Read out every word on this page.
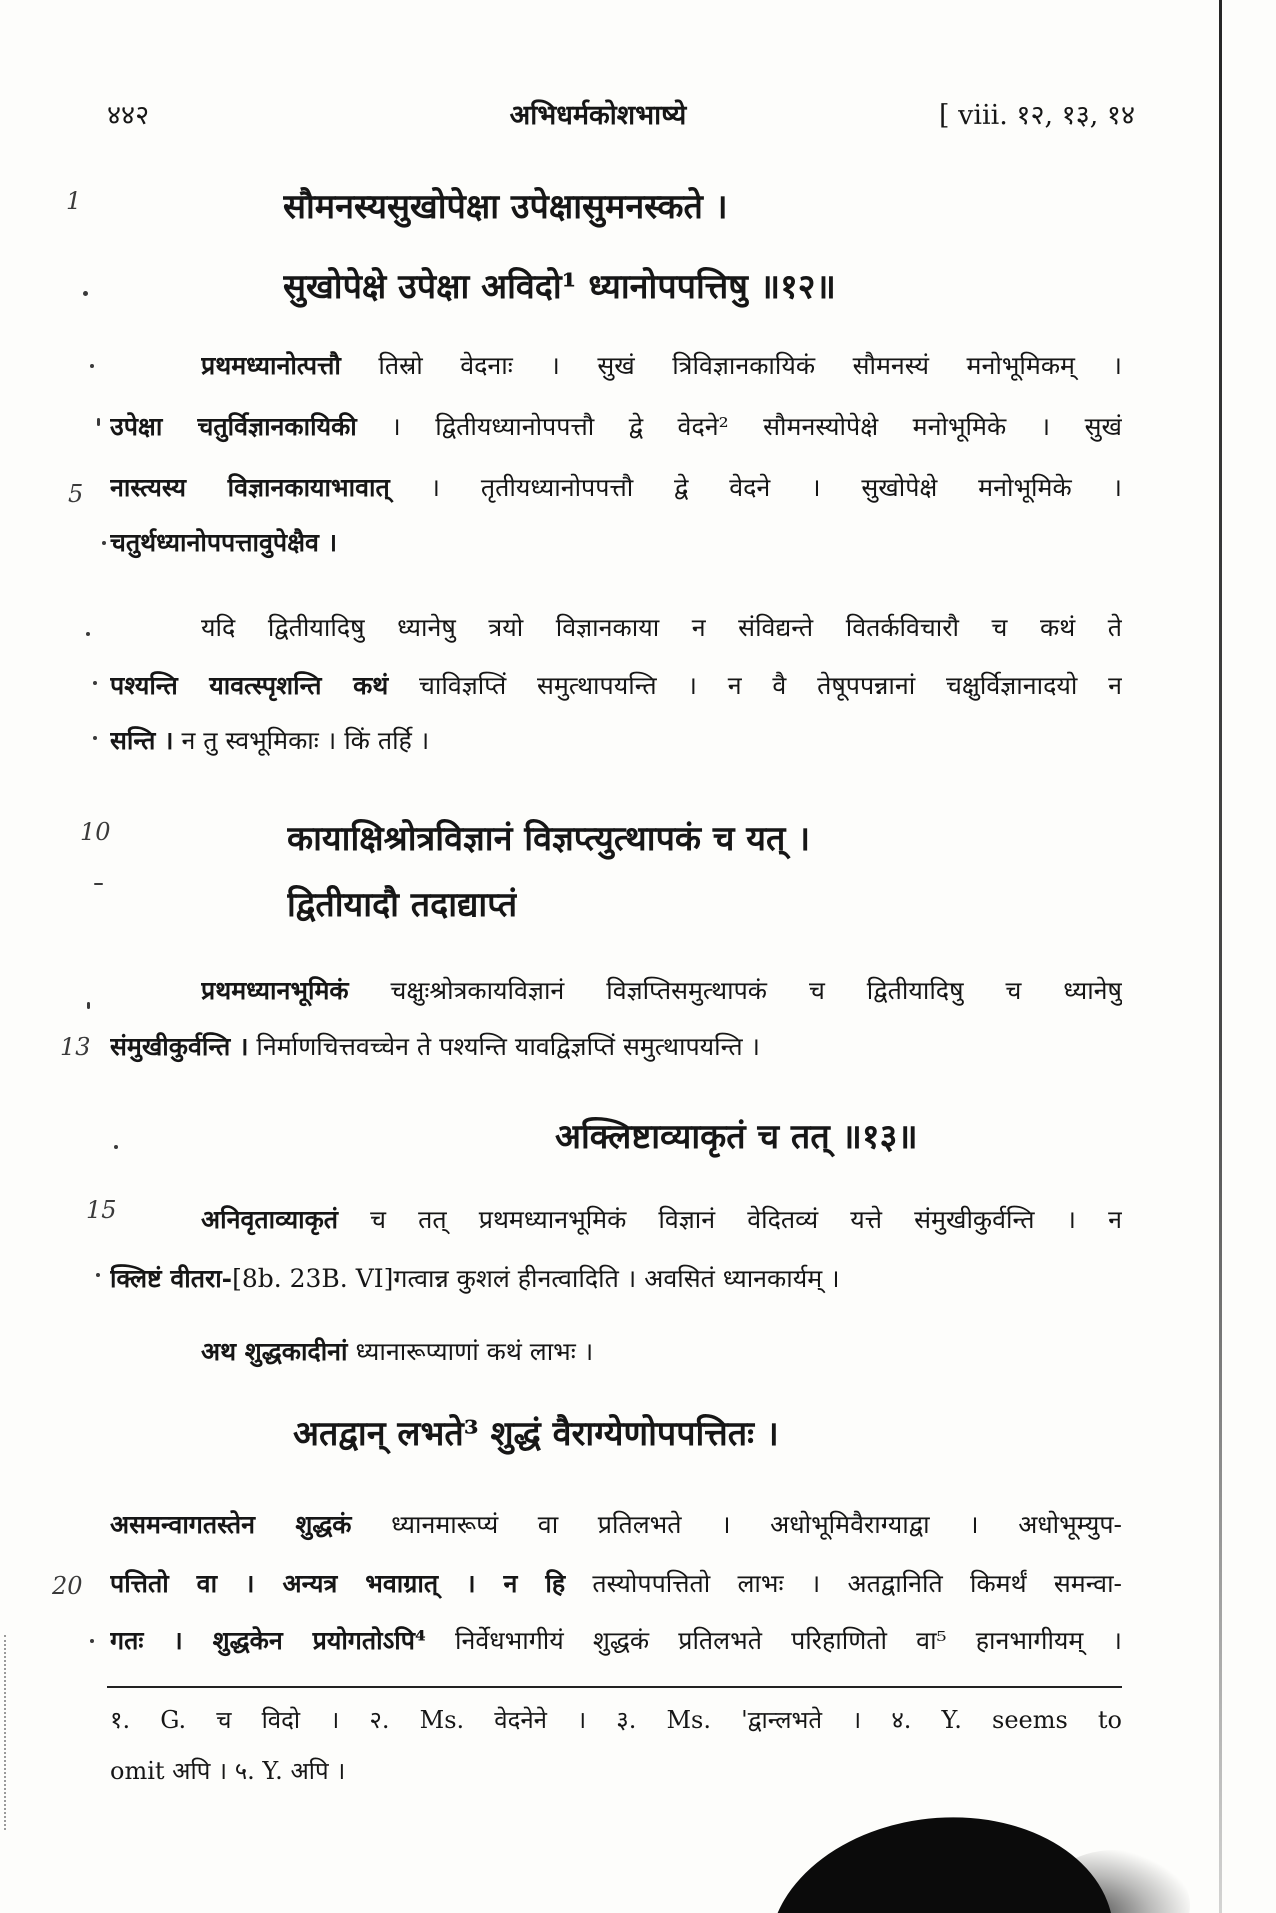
४४२	अभिधर्मकोशभाष्ये	[ viii. १२, १३, १४
1
5
10
13
15
20
सौमनस्यसुखोपेक्षा उपेक्षासुमनस्कते ।
सुखोपेक्षे उपेक्षा अविदो¹ ध्यानोपपत्तिषु ॥१२॥
प्रथमध्यानोत्पत्तौ तिस्रो वेदनाः । सुखं त्रिविज्ञानकायिकं सौमनस्यं मनोभूमिकम् ।
उपेक्षा चतुर्विज्ञानकायिकी । द्वितीयध्यानोपपत्तौ द्वे वेदने² सौमनस्योपेक्षे मनोभूमिके । सुखं
नास्त्यस्य विज्ञानकायाभावात् । तृतीयध्यानोपपत्तौ द्वे वेदने । सुखोपेक्षे मनोभूमिके ।
चतुर्थध्यानोपपत्तावुपेक्षैव ।
यदि द्वितीयादिषु ध्यानेषु त्रयो विज्ञानकाया न संविद्यन्ते वितर्कविचारौ च कथं ते
पश्यन्ति यावत्स्पृशन्ति कथं चाविज्ञप्तिं समुत्थापयन्ति । न वै तेषूपपन्नानां चक्षुर्विज्ञानादयो न
सन्ति । न तु स्वभूमिकाः । किं तर्हि ।
कायाक्षिश्रोत्रविज्ञानं विज्ञप्त्युत्थापकं च यत् ।
द्वितीयादौ तदाद्याप्तं
प्रथमध्यानभूमिकं चक्षुःश्रोत्रकायविज्ञानं विज्ञप्तिसमुत्थापकं च द्वितीयादिषु च ध्यानेषु
संमुखीकुर्वन्ति । निर्माणचित्तवच्चेन ते पश्यन्ति यावद्विज्ञप्तिं समुत्थापयन्ति ।
अक्लिष्टाव्याकृतं च तत् ॥१३॥
अनिवृताव्याकृतं च तत् प्रथमध्यानभूमिकं विज्ञानं वेदितव्यं यत्ते संमुखीकुर्वन्ति । न
क्लिष्टं वीतरा-[8b. 23B. VI]गत्वान्न कुशलं हीनत्वादिति । अवसितं ध्यानकार्यम् ।
अथ शुद्धकादीनां ध्यानारूप्याणां कथं लाभः ।
अतद्वान् लभते³ शुद्धं वैराग्येणोपपत्तितः ।
असमन्वागतस्तेन शुद्धकं ध्यानमारूप्यं वा प्रतिलभते । अधोभूमिवैराग्याद्वा । अधोभूम्युप-
पत्तितो वा । अन्यत्र भवाग्रात् । न हि तस्योपपत्तितो लाभः । अतद्वानिति किमर्थं समन्वा-
गतः । शुद्धकेन प्रयोगतोऽपि⁴ निर्वेधभागीयं शुद्धकं प्रतिलभते परिहाणितो वा⁵ हानभागीयम् ।
१. G. च विदो । २. Ms. वेदनेने । ३. Ms. 'द्वान्लभते । ४. Y. seems to
omit अपि । ५. Y. अपि ।
